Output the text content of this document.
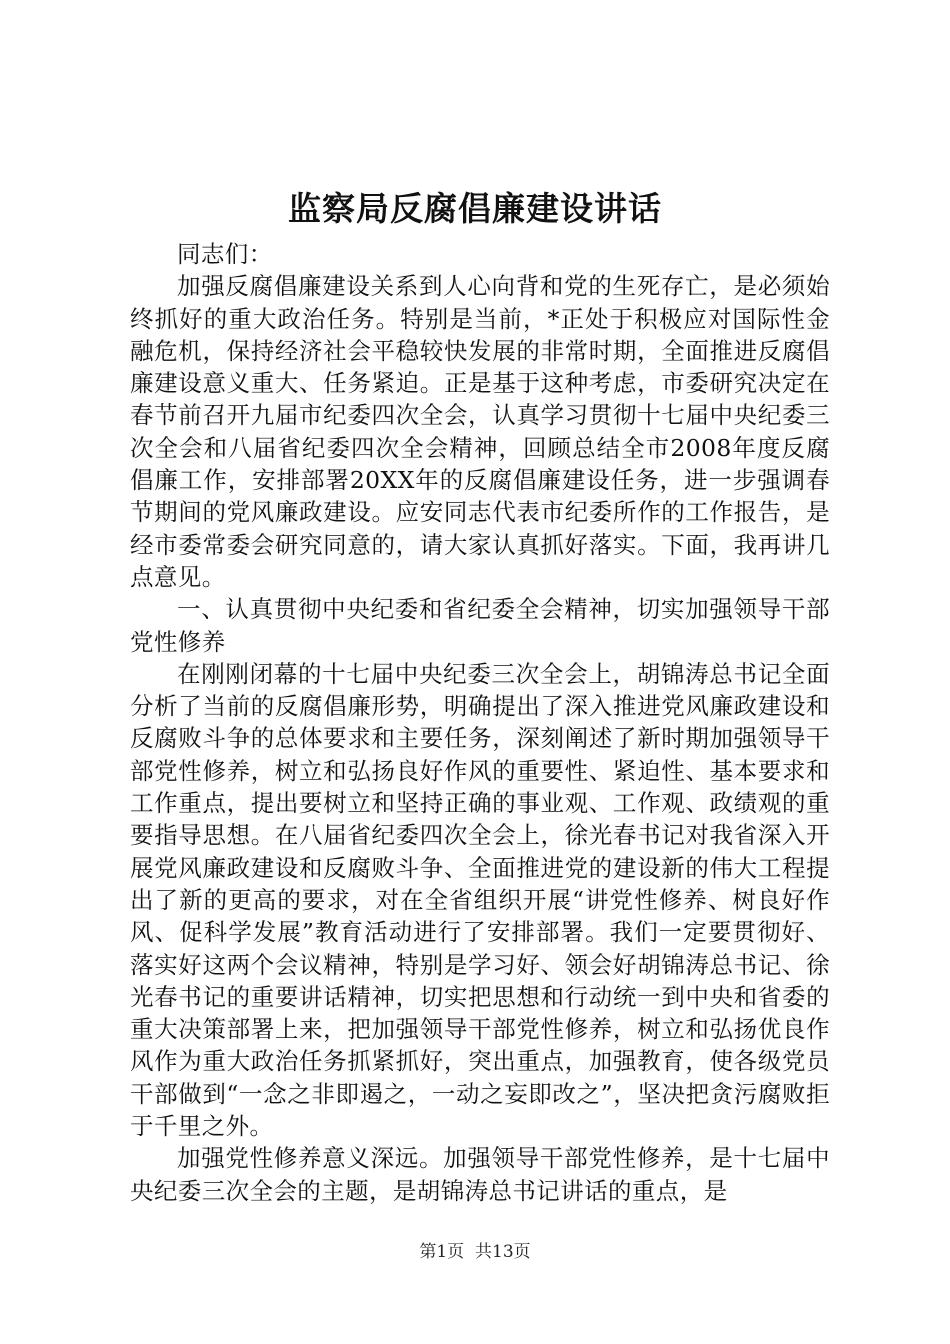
监察局反腐倡廉建设讲话

同志们：

加强反腐倡廉建设关系到人心向背和党的生死存亡，是必须始终抓好的重大政治任务。特别是当前，*正处于积极应对国际性金融危机，保持经济社会平稳较快发展的非常时期，全面推进反腐倡廉建设意义重大、任务紧迫。正是基于这种考虑，市委研究决定在春节前召开九届市纪委四次全会，认真学习贯彻十七届中央纪委三次全会和八届省纪委四次全会精神，回顾总结全市2008年度反腐倡廉工作，安排部署20XX年的反腐倡廉建设任务，进一步强调春节期间的党风廉政建设。应安同志代表市纪委所作的工作报告，是经市委常委会研究同意的，请大家认真抓好落实。下面，我再讲几点意见。

一、认真贯彻中央纪委和省纪委全会精神，切实加强领导干部党性修养

在刚刚闭幕的十七届中央纪委三次全会上，胡锦涛总书记全面分析了当前的反腐倡廉形势，明确提出了深入推进党风廉政建设和反腐败斗争的总体要求和主要任务，深刻阐述了新时期加强领导干部党性修养，树立和弘扬良好作风的重要性、紧迫性、基本要求和工作重点，提出要树立和坚持正确的事业观、工作观、政绩观的重要指导思想。在八届省纪委四次全会上，徐光春书记对我省深入开展党风廉政建设和反腐败斗争、全面推进党的建设新的伟大工程提出了新的更高的要求，对在全省组织开展“讲党性修养、树良好作风、促科学发展”教育活动进行了安排部署。我们一定要贯彻好、落实好这两个会议精神，特别是学习好、领会好胡锦涛总书记、徐光春书记的重要讲话精神，切实把思想和行动统一到中央和省委的重大决策部署上来，把加强领导干部党性修养，树立和弘扬优良作风作为重大政治任务抓紧抓好，突出重点，加强教育，使各级党员干部做到“一念之非即遏之，一动之妄即改之”，坚决把贪污腐败拒于千里之外。

加强党性修养意义深远。加强领导干部党性修养，是十七届中央纪委三次全会的主题，是胡锦涛总书记讲话的重点，是

第1页 共13页
